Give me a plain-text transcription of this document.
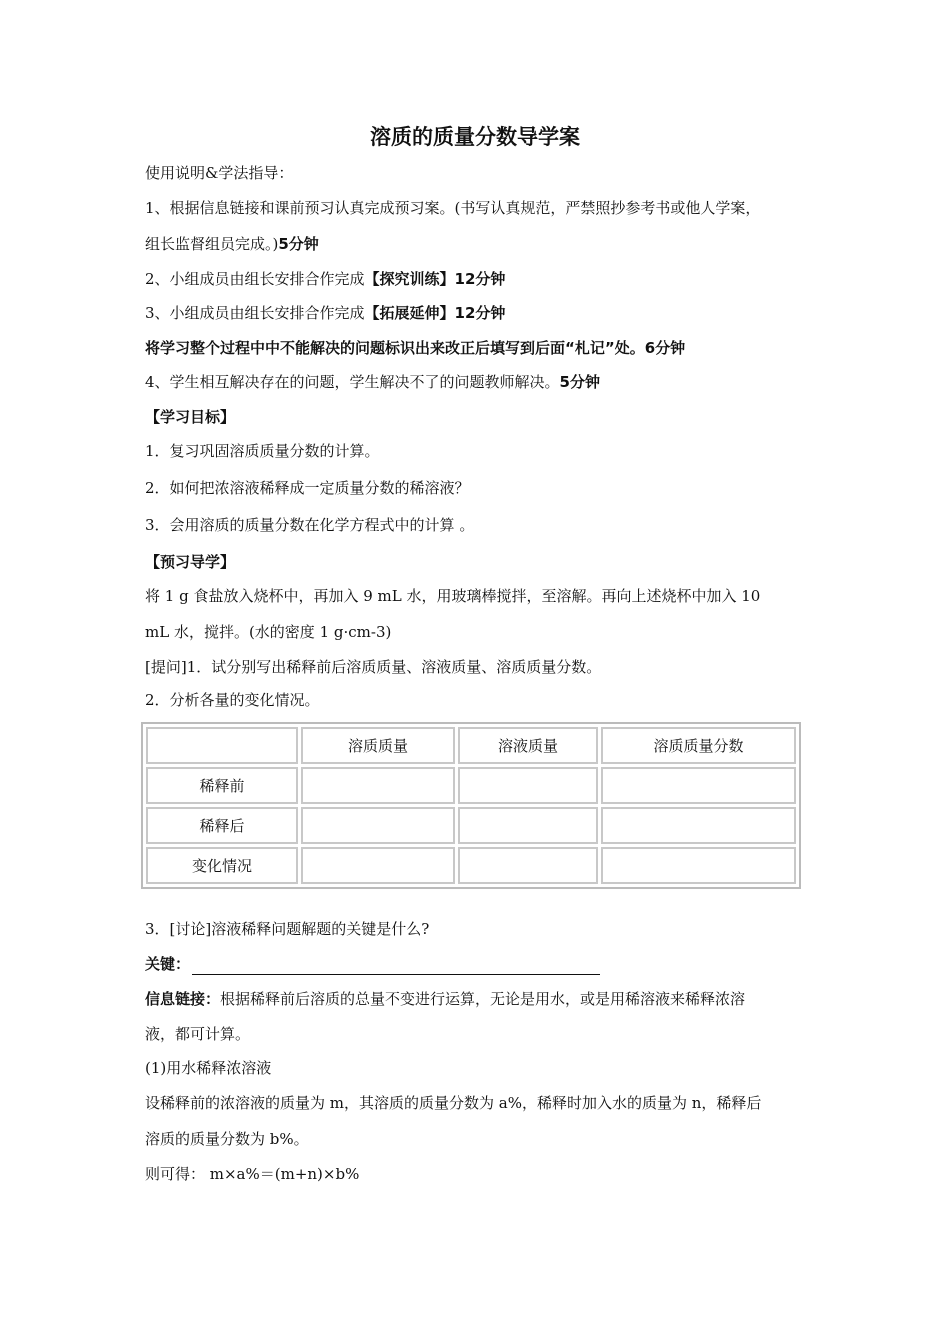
溶质的质量分数导学案
使用说明&学法指导：
1、根据信息链接和课前预习认真完成预习案。(书写认真规范，严禁照抄参考书或他人学案，
组长监督组员完成。)5分钟
2、小组成员由组长安排合作完成【探究训练】12分钟
3、小组成员由组长安排合作完成【拓展延伸】12分钟
将学习整个过程中中不能解决的问题标识出来改正后填写到后面“札记”处。6分钟
4、学生相互解决存在的问题，学生解决不了的问题教师解决。5分钟
【学习目标】
1．复习巩固溶质质量分数的计算。
2．如何把浓溶液稀释成一定质量分数的稀溶液？
3．会用溶质的质量分数在化学方程式中的计算 。
【预习导学】
将 1 g 食盐放入烧杯中，再加入 9 mL 水，用玻璃棒搅拌，至溶解。再向上述烧杯中加入 10
mL 水，搅拌。(水的密度 1 g·cm-3)
[提问]1．试分别写出稀释前后溶质质量、溶液质量、溶质质量分数。
2．分析各量的变化情况。
	溶质质量	溶液质量	溶质质量分数
稀释前			
稀释后			
变化情况			
3．[讨论]溶液稀释问题解题的关键是什么?
关键：
信息链接：根据稀释前后溶质的总量不变进行运算，无论是用水，或是用稀溶液来稀释浓溶
液，都可计算。
(1)用水稀释浓溶液
设稀释前的浓溶液的质量为 m，其溶质的质量分数为 a%，稀释时加入水的质量为 n，稀释后
溶质的质量分数为 b%。
则可得： m×a%＝(m+n)×b%
